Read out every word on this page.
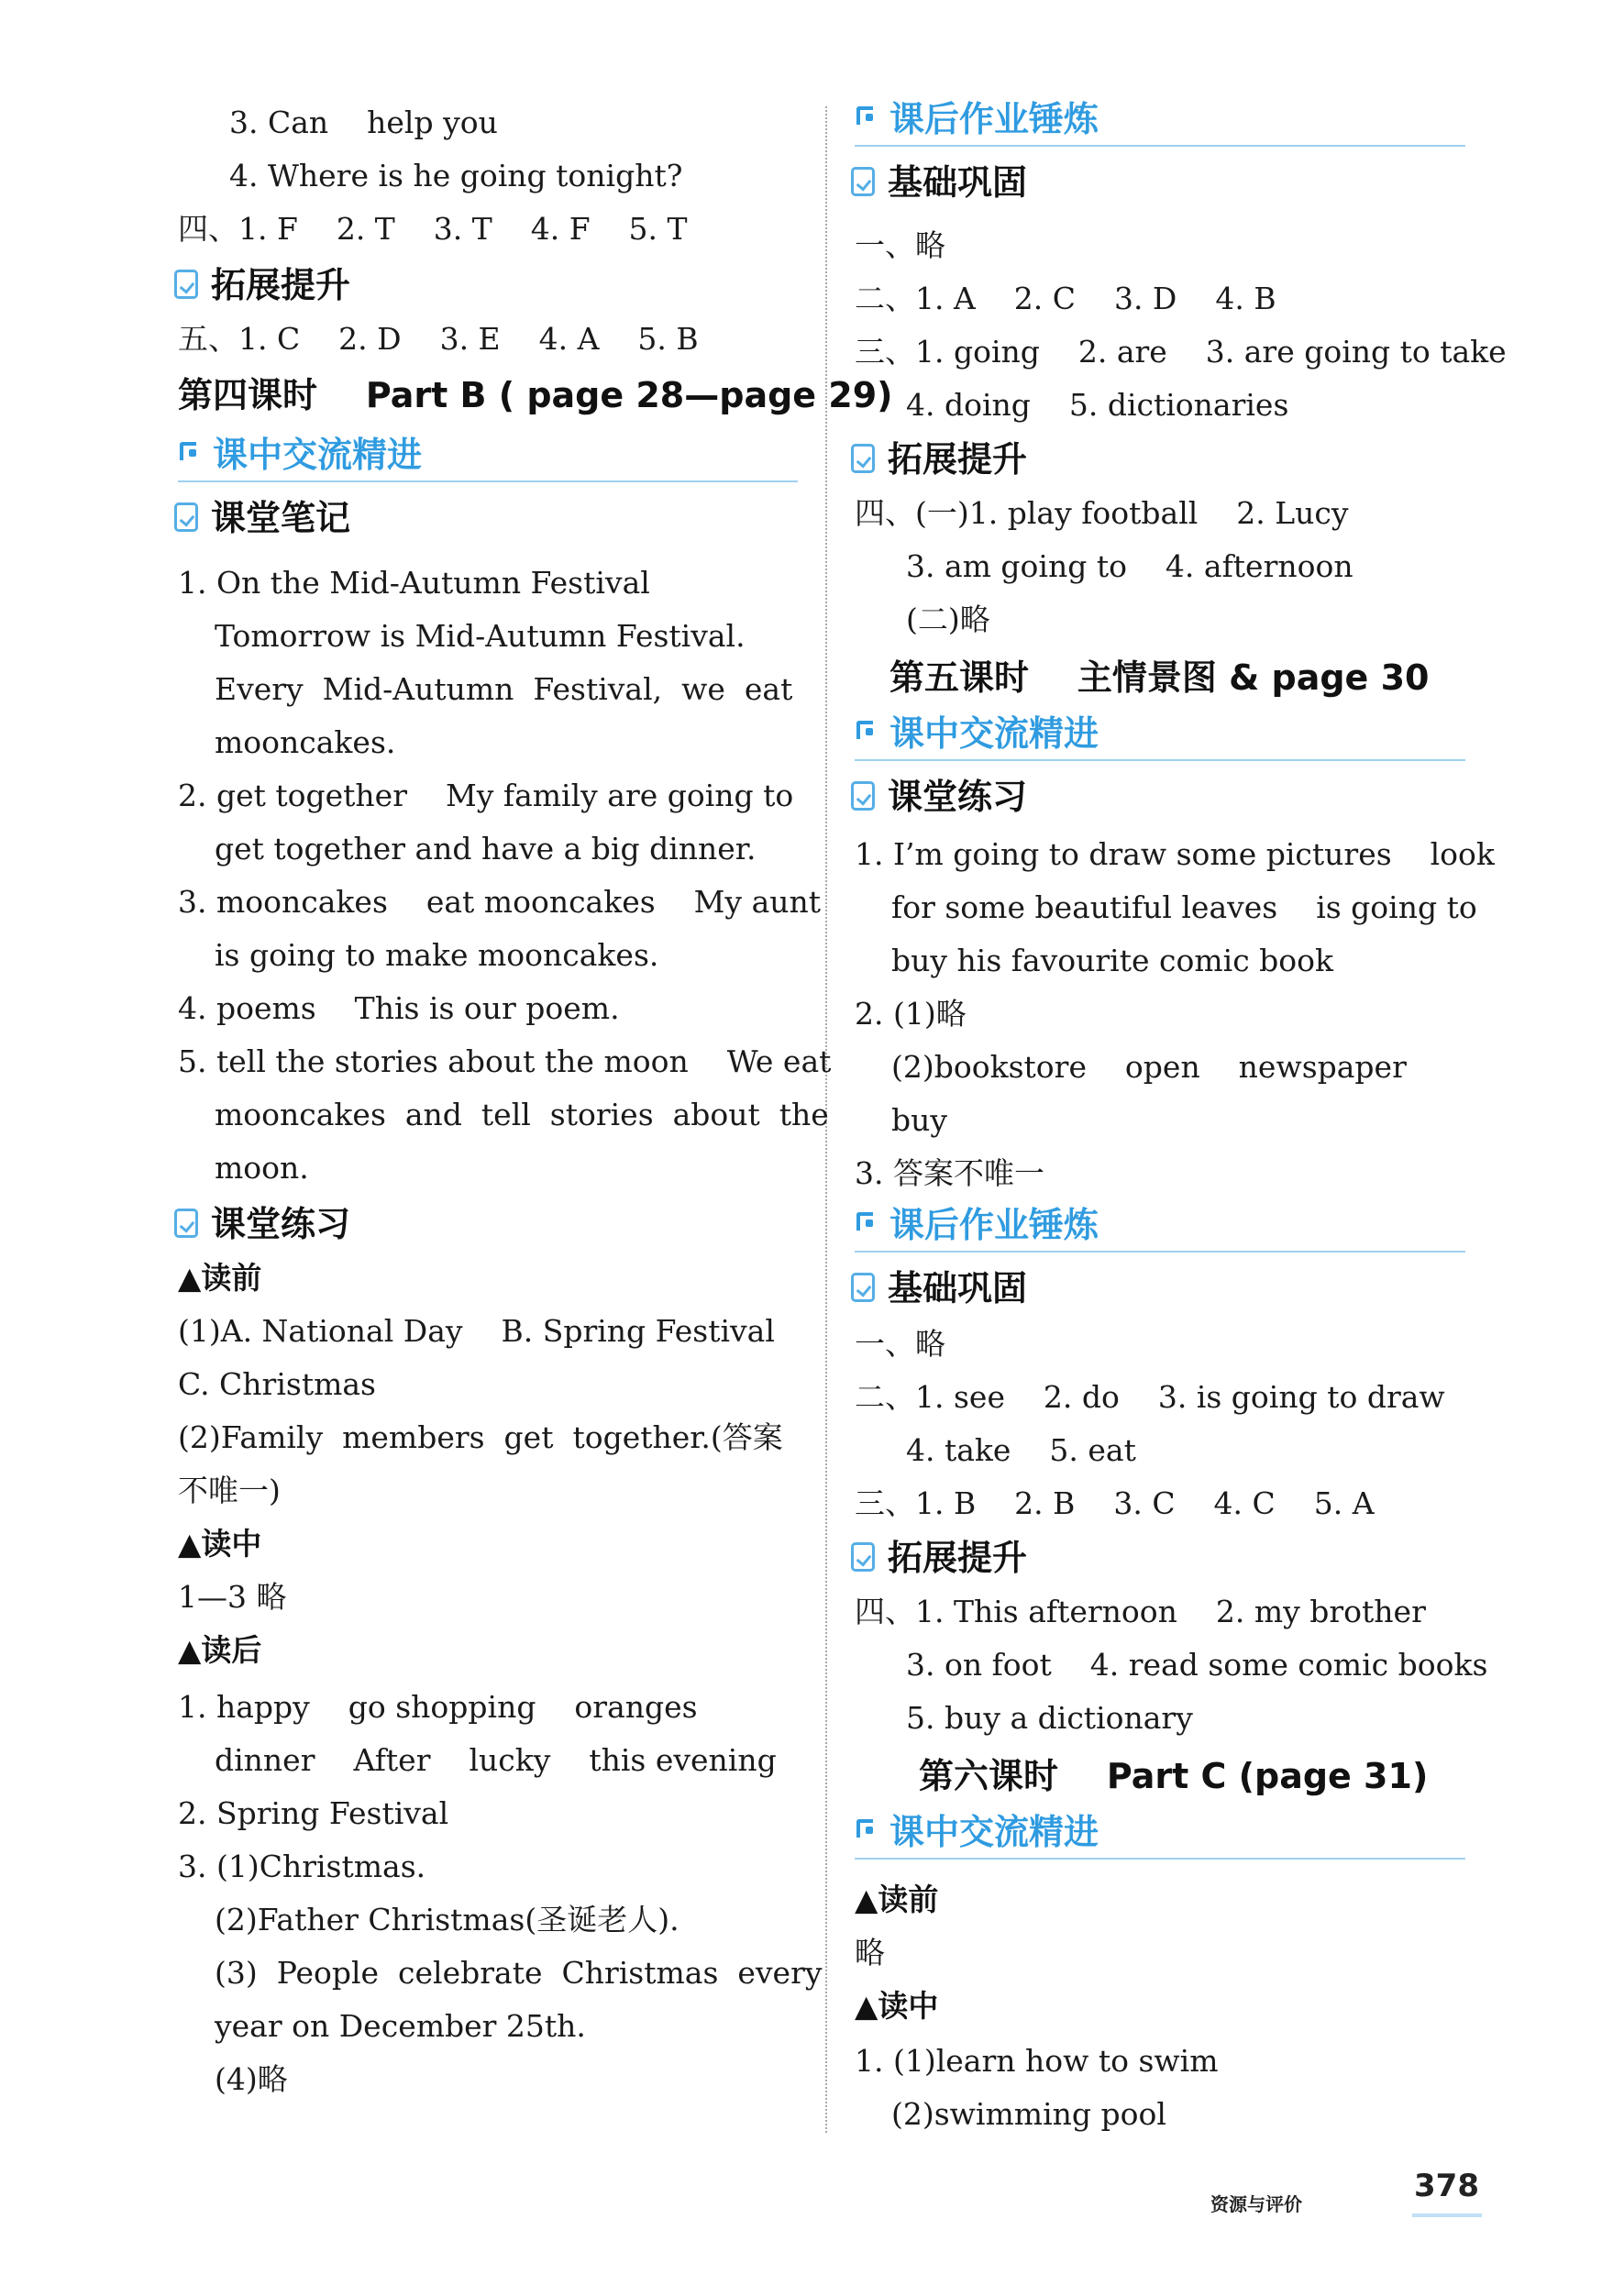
3. Can    help you
4. Where is he going tonight?
四、1. F    2. T    3. T    4. F    5. T
拓展提升
五、1. C    2. D    3. E    4. A    5. B
第四课时    Part B ( page 28—page 29)
课中交流精进
课堂笔记
1. On the Mid-Autumn Festival
Tomorrow is Mid-Autumn Festival.
Every  Mid-Autumn  Festival,  we  eat
mooncakes.
2. get together    My family are going to
get together and have a big dinner.
3. mooncakes    eat mooncakes    My aunt
is going to make mooncakes.
4. poems    This is our poem.
5. tell the stories about the moon    We eat
mooncakes  and  tell  stories  about  the
moon.
课堂练习
▲读前
(1)A. National Day    B. Spring Festival
C. Christmas
(2)Family  members  get  together.(答案
不唯一)
▲读中
1—3 略
▲读后
1. happy    go shopping    oranges
dinner    After    lucky    this evening
2. Spring Festival
3. (1)Christmas.
(2)Father Christmas(圣诞老人).
(3)  People  celebrate  Christmas  every
year on December 25th.
(4)略
课后作业锤炼
基础巩固
一、略
二、1. A    2. C    3. D    4. B
三、1. going    2. are    3. are going to take
4. doing    5. dictionaries
拓展提升
四、(一)1. play football    2. Lucy
3. am going to    4. afternoon
(二)略
第五课时    主情景图 & page 30
课中交流精进
课堂练习
1. I’m going to draw some pictures    look
for some beautiful leaves    is going to
buy his favourite comic book
2. (1)略
(2)bookstore    open    newspaper
buy
3. 答案不唯一
课后作业锤炼
基础巩固
一、略
二、1. see    2. do    3. is going to draw
4. take    5. eat
三、1. B    2. B    3. C    4. C    5. A
拓展提升
四、1. This afternoon    2. my brother
3. on foot    4. read some comic books
5. buy a dictionary
第六课时    Part C (page 31)
课中交流精进
▲读前
略
▲读中
1. (1)learn how to swim
(2)swimming pool
资源与评价	378
